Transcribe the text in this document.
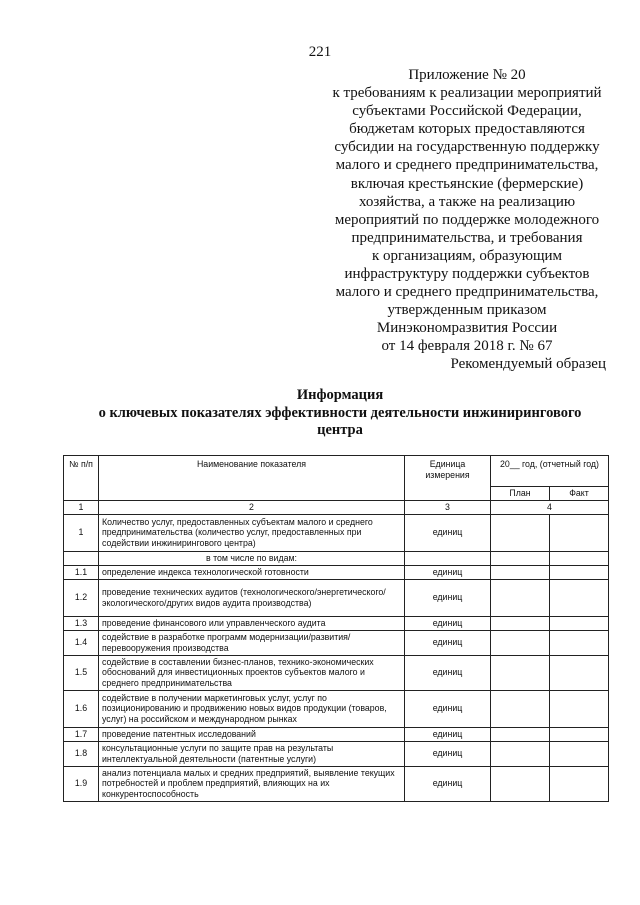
221
Приложение № 20
к требованиям к реализации мероприятий
субъектами Российской Федерации,
бюджетам которых предоставляются
субсидии на государственную поддержку
малого и среднего предпринимательства,
включая крестьянские (фермерские)
хозяйства, а также на реализацию
мероприятий по поддержке молодежного
предпринимательства, и требования
к организациям, образующим
инфраструктуру поддержки субъектов
малого и среднего предпринимательства,
утвержденным приказом
Минэкономразвития России
от 14 февраля 2018 г. № 67
Рекомендуемый образец
Информация
о ключевых показателях эффективности деятельности инжинирингового
центра
№ п/п	Наименование показателя	Единица измерения	20__ год, (отчетный год)	
			План	Факт
1	2	3	4	
1	Количество услуг, предоставленных субъектам малого и среднего предпринимательства (количество услуг, предоставленных при содействии инжинирингового центра)	единиц		
	в том числе по видам:			
1.1	определение индекса технологической готовности	единиц		
1.2	проведение технических аудитов (технологического/энергетического/экологического/других видов аудита производства)	единиц		
1.3	проведение финансового или управленческого аудита	единиц		
1.4	содействие в разработке программ модернизации/развития/перевооружения производства	единиц		
1.5	содействие в составлении бизнес-планов, технико-экономических обоснований для инвестиционных проектов субъектов малого и среднего предпринимательства	единиц		
1.6	содействие в получении маркетинговых услуг, услуг по позиционированию и продвижению новых видов продукции (товаров, услуг) на российском и международном рынках	единиц		
1.7	проведение патентных исследований	единиц		
1.8	консультационные услуги по защите прав на результаты интеллектуальной деятельности (патентные услуги)	единиц		
1.9	анализ потенциала малых и средних предприятий, выявление текущих потребностей и проблем предприятий, влияющих на их конкурентоспособность	единиц		
